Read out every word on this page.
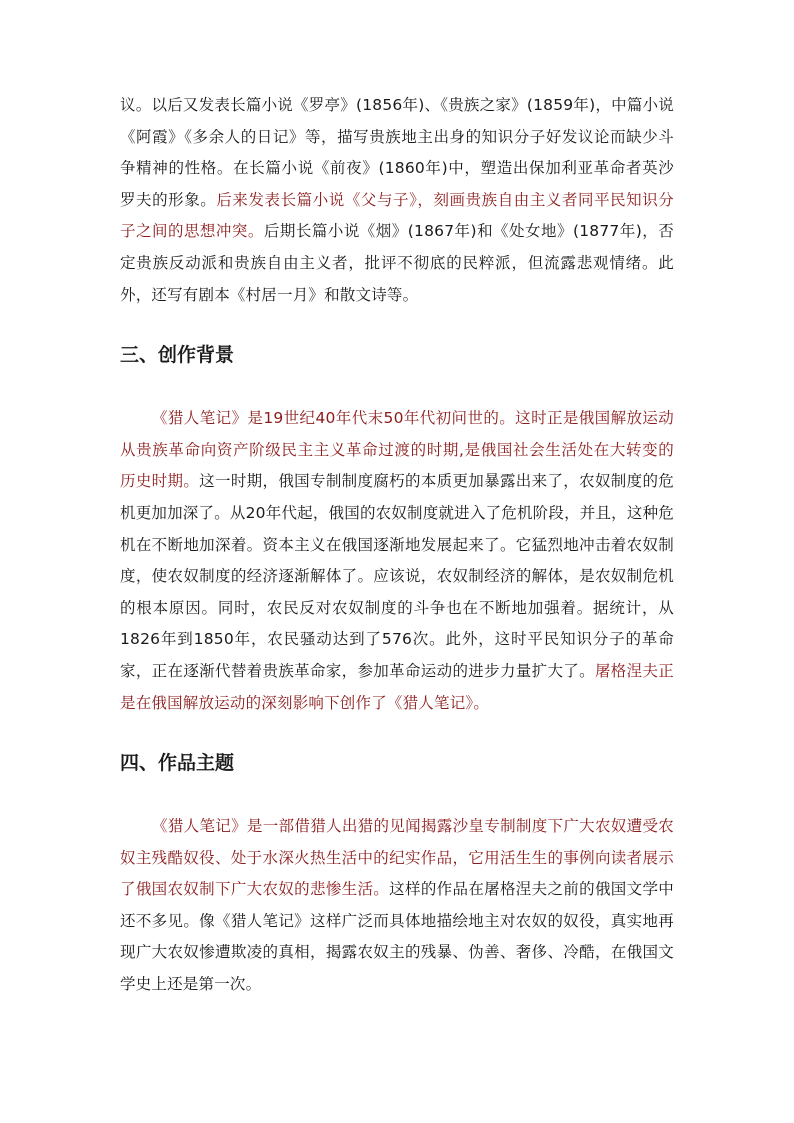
议。以后又发表长篇小说《罗亭》(1856年)、《贵族之家》(1859年)，中篇小说《阿霞》《多余人的日记》等，描写贵族地主出身的知识分子好发议论而缺少斗争精神的性格。在长篇小说《前夜》(1860年)中，塑造出保加利亚革命者英沙罗夫的形象。后来发表长篇小说《父与子》，刻画贵族自由主义者同平民知识分子之间的思想冲突。后期长篇小说《烟》(1867年)和《处女地》(1877年)，否定贵族反动派和贵族自由主义者，批评不彻底的民粹派，但流露悲观情绪。此外，还写有剧本《村居一月》和散文诗等。

三、创作背景

《猎人笔记》是19世纪40年代末50年代初问世的。这时正是俄国解放运动从贵族革命向资产阶级民主主义革命过渡的时期,是俄国社会生活处在大转变的历史时期。这一时期，俄国专制制度腐朽的本质更加暴露出来了，农奴制度的危机更加加深了。从20年代起，俄国的农奴制度就进入了危机阶段，并且，这种危机在不断地加深着。资本主义在俄国逐渐地发展起来了。它猛烈地冲击着农奴制度，使农奴制度的经济逐渐解体了。应该说，农奴制经济的解体，是农奴制危机的根本原因。同时，农民反对农奴制度的斗争也在不断地加强着。据统计，从1826年到1850年，农民骚动达到了576次。此外，这时平民知识分子的革命家，正在逐渐代替着贵族革命家，参加革命运动的进步力量扩大了。屠格涅夫正是在俄国解放运动的深刻影响下创作了《猎人笔记》。

四、作品主题

《猎人笔记》是一部借猎人出猎的见闻揭露沙皇专制制度下广大农奴遭受农奴主残酷奴役、处于水深火热生活中的纪实作品，它用活生生的事例向读者展示了俄国农奴制下广大农奴的悲惨生活。这样的作品在屠格涅夫之前的俄国文学中还不多见。像《猎人笔记》这样广泛而具体地描绘地主对农奴的奴役，真实地再现广大农奴惨遭欺凌的真相，揭露农奴主的残暴、伪善、奢侈、冷酷，在俄国文学史上还是第一次。
